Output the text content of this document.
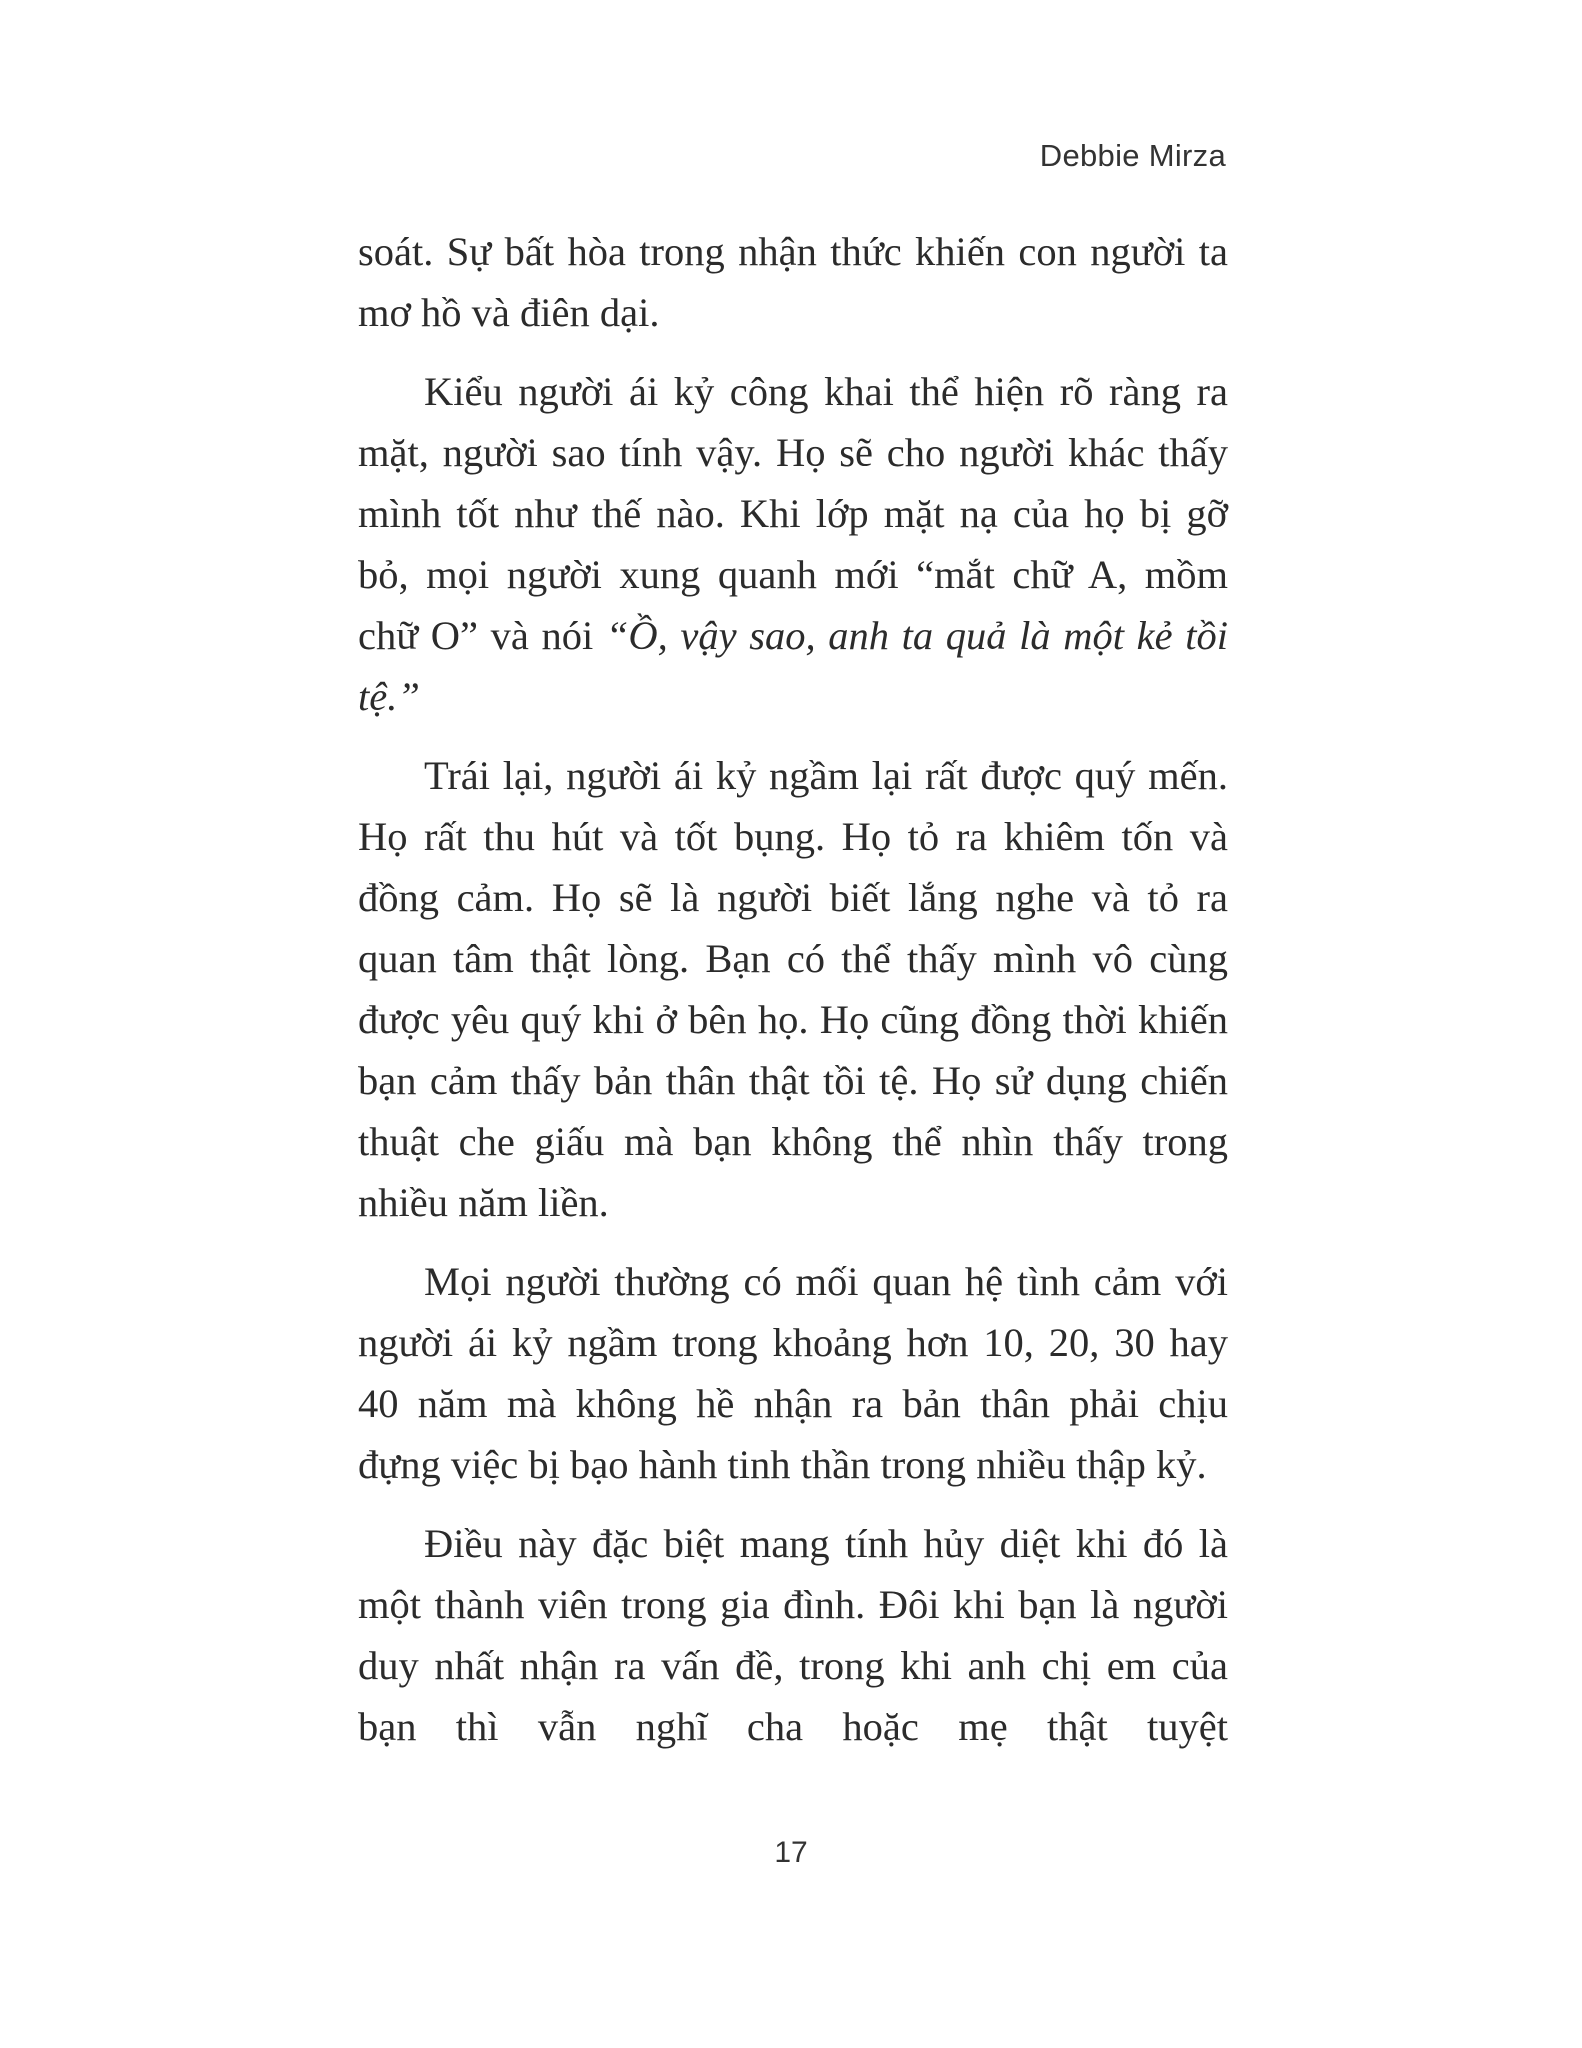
Debbie Mirza

soát. Sự bất hòa trong nhận thức khiến con người ta mơ hồ và điên dại.

Kiểu người ái kỷ công khai thể hiện rõ ràng ra mặt, người sao tính vậy. Họ sẽ cho người khác thấy mình tốt như thế nào. Khi lớp mặt nạ của họ bị gỡ bỏ, mọi người xung quanh mới “mắt chữ A, mồm chữ O” và nói “Ồ, vậy sao, anh ta quả là một kẻ tồi tệ.”

Trái lại, người ái kỷ ngầm lại rất được quý mến. Họ rất thu hút và tốt bụng. Họ tỏ ra khiêm tốn và đồng cảm. Họ sẽ là người biết lắng nghe và tỏ ra quan tâm thật lòng. Bạn có thể thấy mình vô cùng được yêu quý khi ở bên họ. Họ cũng đồng thời khiến bạn cảm thấy bản thân thật tồi tệ. Họ sử dụng chiến thuật che giấu mà bạn không thể nhìn thấy trong nhiều năm liền.

Mọi người thường có mối quan hệ tình cảm với người ái kỷ ngầm trong khoảng hơn 10, 20, 30 hay 40 năm mà không hề nhận ra bản thân phải chịu đựng việc bị bạo hành tinh thần trong nhiều thập kỷ.

Điều này đặc biệt mang tính hủy diệt khi đó là một thành viên trong gia đình. Đôi khi bạn là người duy nhất nhận ra vấn đề, trong khi anh chị em của bạn thì vẫn nghĩ cha hoặc mẹ thật tuyệt

17
